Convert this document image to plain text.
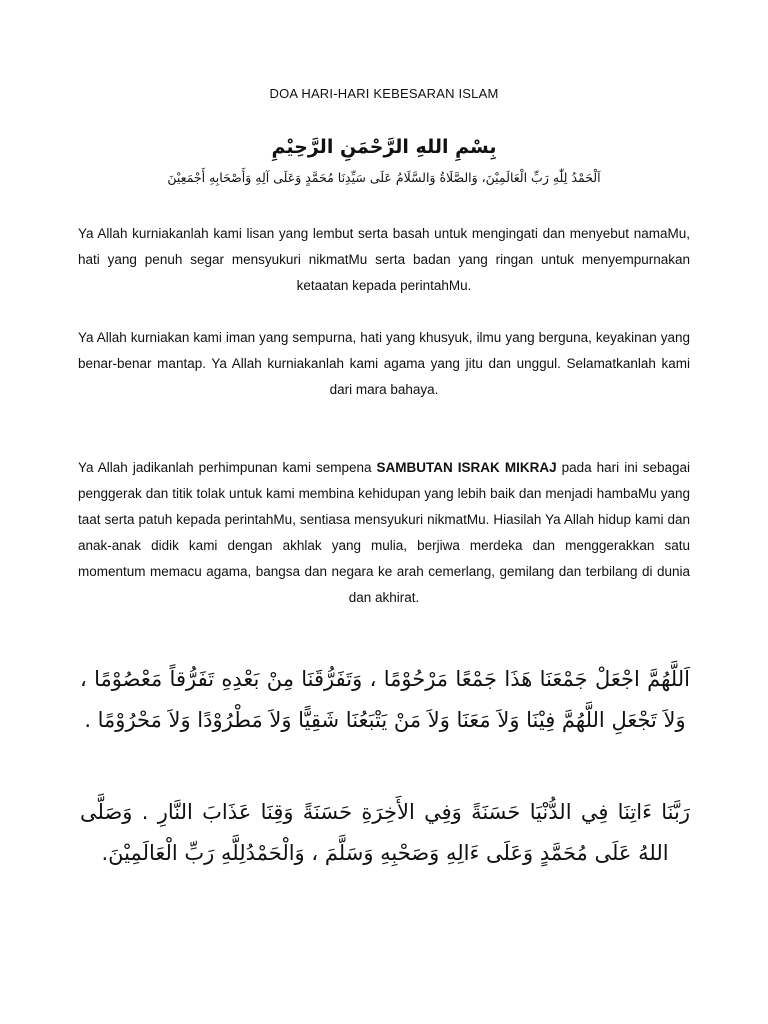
DOA HARI-HARI KEBESARAN ISLAM
بِسْمِ اللهِ الرَّحْمَنِ الرَّحِيْمِ
اَلْحَمْدُ لِلّٰهِ رَبِّ الْعَالَمِيْنَ، وَالصَّلَاةُ وَالسَّلَامُ عَلَى سَيِّدِنَا مُحَمَّدٍ وَعَلَى آلِهِ وَأَصْحَابِهِ أَجْمَعِيْنَ
Ya Allah kurniakanlah kami lisan yang lembut serta basah untuk mengingati dan menyebut namaMu, hati yang penuh segar mensyukuri nikmatMu serta badan yang ringan untuk menyempurnakan ketaatan kepada perintahMu.
Ya Allah kurniakan kami iman yang sempurna, hati yang khusyuk, ilmu yang berguna, keyakinan yang benar-benar mantap. Ya Allah kurniakanlah kami agama yang jitu dan unggul. Selamatkanlah kami dari mara bahaya.
Ya Allah jadikanlah perhimpunan kami sempena SAMBUTAN ISRAK MIKRAJ pada hari ini sebagai penggerak dan titik tolak untuk kami membina kehidupan yang lebih baik dan menjadi hambaMu yang taat serta patuh kepada perintahMu, sentiasa mensyukuri nikmatMu. Hiasilah Ya Allah hidup kami dan anak-anak didik kami dengan akhlak yang mulia, berjiwa merdeka dan menggerakkan satu momentum memacu agama, bangsa dan negara ke arah cemerlang, gemilang dan terbilang di dunia dan akhirat.
اَللَّهُمَّ اجْعَلْ جَمْعَنَا هَذَا جَمْعًا مَرْحُوْمًا ، وَتَفَرُّقَنَا مِنْ بَعْدِهِ تَفَرُّقاً مَعْصُوْمًا ، وَلاَ تَجْعَلِ اللَّهُمَّ فِيْنَا وَلاَ مَعَنَا وَلاَ مَنْ يَتْبَعُنَا شَقِيًّا وَلاَ مَطْرُوْدًا وَلاَ مَحْرُوْمًا .
رَبَّنَا ءَاتِنَا فِي الدُّنْيَا حَسَنَةً وَفِي الأَخِرَةِ حَسَنَةً وَقِنَا عَذَابَ النَّارِ . وَصَلَّى اللهُ عَلَى مُحَمَّدٍ وَعَلَى ءَالِهِ وَصَحْبِهِ وَسَلَّمَ ، وَالْحَمْدُلِلَّهِ رَبِّ الْعَالَمِيْنَ.
